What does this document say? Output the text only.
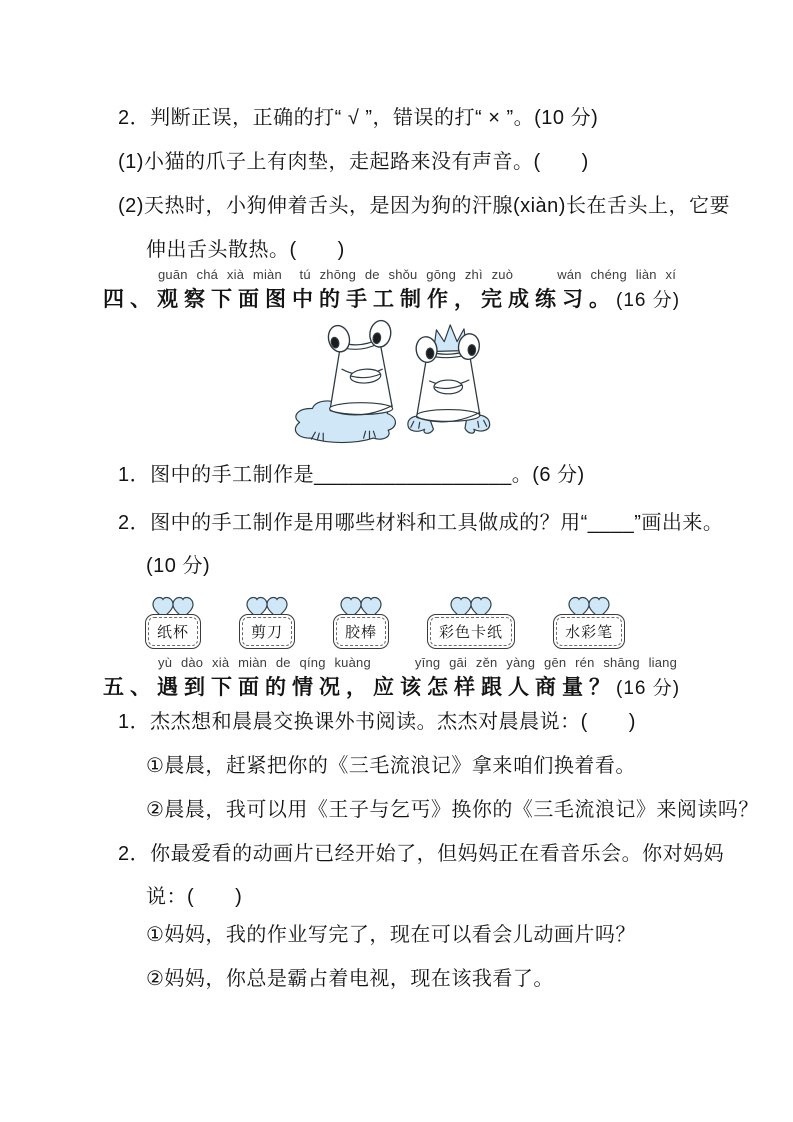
2．判断正误，正确的打“ √ ”，错误的打“ × ”。(10 分)

(1)小猫的爪子上有肉垫，走起路来没有声音。(　　)

(2)天热时，小狗伸着舌头，是因为狗的汗腺(xiàn)长在舌头上，它要

伸出舌头散热。(　　)

guān chá xià miàn  tú zhōng de shǒu gōng zhì zuò     wán chéng liàn xí

四、观察下面图中的手工制作，完成练习。(16 分)

1．图中的手工制作是_________________。(6 分)

2．图中的手工制作是用哪些材料和工具做成的？用“____”画出来。

(10 分)

纸杯	剪刀	胶棒	彩色卡纸	水彩笔

yù dào xià miàn de qíng kuàng     yīng gāi zěn yàng gēn rén shāng liang

五、遇到下面的情况，应该怎样跟人商量？(16 分)

1．杰杰想和晨晨交换课外书阅读。杰杰对晨晨说：(　　)

①晨晨，赶紧把你的《三毛流浪记》拿来咱们换着看。

②晨晨，我可以用《王子与乞丐》换你的《三毛流浪记》来阅读吗？

2．你最爱看的动画片已经开始了，但妈妈正在看音乐会。你对妈妈

说：(　　)

①妈妈，我的作业写完了，现在可以看会儿动画片吗？

②妈妈，你总是霸占着电视，现在该我看了。
